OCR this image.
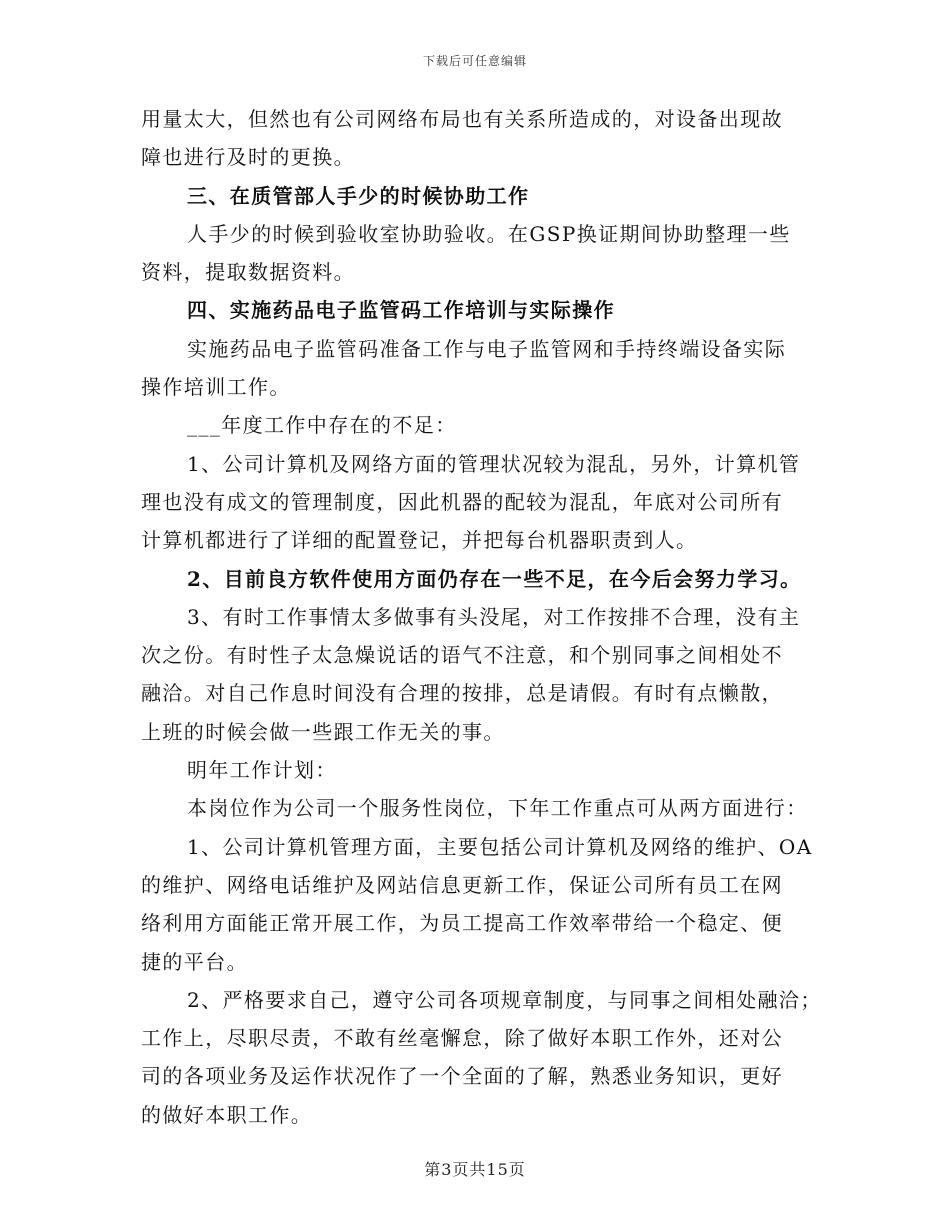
下载后可任意编辑
用量太大，但然也有公司网络布局也有关系所造成的，对设备出现故
障也进行及时的更换。
三、在质管部人手少的时候协助工作
人手少的时候到验收室协助验收。在GSP换证期间协助整理一些
资料，提取数据资料。
四、实施药品电子监管码工作培训与实际操作
实施药品电子监管码准备工作与电子监管网和手持终端设备实际
操作培训工作。
___年度工作中存在的不足：
1、公司计算机及网络方面的管理状况较为混乱，另外，计算机管
理也没有成文的管理制度，因此机器的配较为混乱，年底对公司所有
计算机都进行了详细的配置登记，并把每台机器职责到人。
2、目前良方软件使用方面仍存在一些不足，在今后会努力学习。
3、有时工作事情太多做事有头没尾，对工作按排不合理，没有主
次之份。有时性子太急燥说话的语气不注意，和个别同事之间相处不
融洽。对自己作息时间没有合理的按排，总是请假。有时有点懒散，
上班的时候会做一些跟工作无关的事。
明年工作计划：
本岗位作为公司一个服务性岗位，下年工作重点可从两方面进行：
1、公司计算机管理方面，主要包括公司计算机及网络的维护、OA
的维护、网络电话维护及网站信息更新工作，保证公司所有员工在网
络利用方面能正常开展工作，为员工提高工作效率带给一个稳定、便
捷的平台。
2、严格要求自己，遵守公司各项规章制度，与同事之间相处融洽；
工作上，尽职尽责，不敢有丝毫懈怠，除了做好本职工作外，还对公
司的各项业务及运作状况作了一个全面的了解，熟悉业务知识，更好
的做好本职工作。
第3页共15页
